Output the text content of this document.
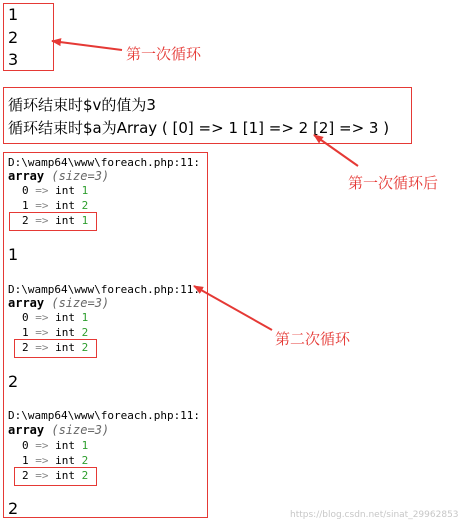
1
2
3	第一次循环
循环结束时$v的值为3
循环结束时$a为Array ( [0] => 1 [1] => 2 [2] => 3 )
第一次循环后
D:\wamp64\www\foreach.php:11:
array (size=3)
0 => int 1
1 => int 2
2 => int 1
1
D:\wamp64\www\foreach.php:11:
array (size=3)
0 => int 1
1 => int 2
2 => int 2
2
D:\wamp64\www\foreach.php:11:
array (size=3)
0 => int 1
1 => int 2
2 => int 2
2
第二次循环
https://blog.csdn.net/sinat_29962853
